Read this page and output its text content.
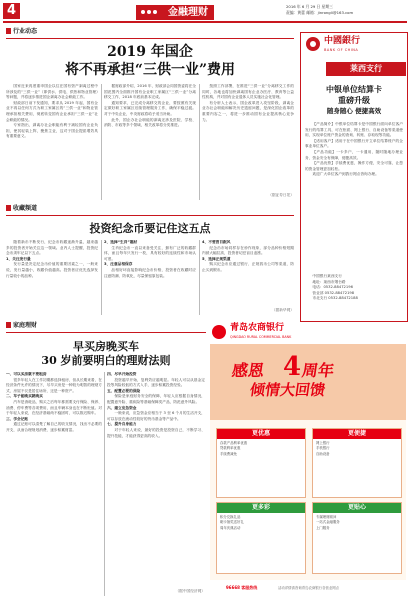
4	金融理财
2016 年 6 月 29 日 星期三
责编：黄蕾 邮箱：jinrongli@163.com
行业动态
2019 年国企
将不再承担“三供一业”费用

国家近来再度重申国企以往在国有资产剥离过程中所涉及的“三供一业”（即供水、供电、供热和物业管理）等问题，并将逐步推进国企剥离办社会职能工作。

财政部日前下发通知，要求从 2019 年起，国有企业不再以任何方式为职工家属区的“三供一业”和物业管理承担相关费用，彻底转变国有企业承担“三供一业”社会职能的情况。

专家指出，剥离办社会职能有利于减轻国有企业负担，使其轻装上阵，聚焦主业，这对于国企提质增效具有重要意义。

据财政部介绍，2016 年，财政部会同国资委将在全国范围内全面推开国有企业职工家属区“三供一业”分离移交工作，2018 年底前基本完成。

通知要求，已完成分离移交的企业，要按照有关规定做好职工家属区后续管理服务工作，确保平稳过渡。对于中央企业，中央财政将给予适当补助。

此外，国企办社会职能的剥离还涉及医院、学校、消防、市政等多个领域，相关改革将分类推进。

按照工作部署，在推进“三供一业”分离移交工作的同时，各地也将加快剥离国有企业办医疗、教育等公益性机构，并对国有企业退休人员实施社会化管理。

有分析人士表示，国企改革进入攻坚阶段，剥离企业办社会职能和解决历史遗留问题，是深化国企改革的重要内容之一，将进一步推动国有企业提高核心竞争力。

（据证券日报）
中國銀行
BANK OF CHINA
莱西支行
中银单位结算卡
重磅升级
随身随心 便捷高效

【产品简介】中银单位结算卡是中国银行面向单位客户发行的结算工具，可在柜面、网上银行、自助设备等渠道使用，实现单位账户资金的查询、转账、存取现等功能。

【适用客户】适用于在中国银行开立单位结算账户的企事业单位客户。

【产品功能】一卡多户，一卡通用，随时随地办理业务，资金安全有保障，便捷高效。

【产品优势】手续费优惠，操作方便，安全可靠，让您的资金管理更加轻松。

欢迎广大单位客户到我行网点咨询办理。

中国银行莱西支行

地址：莱西市烟台路

电话：0532-88472196

营业部 0532-88472198

市北支行 0532-88472188

收藏频道
投资纪念币要记住这五点

随着新币不断发行，纪念币收藏逐渐升温，越来越多的投资者开始关注这一领域。业内人士提醒，投资纪念币须牢记以下五点。

1．关注发行量

发行量是决定纪念币价值的重要因素之一，一般来说，发行量越小，收藏价值越高。投资者应优先选择发行量较小的品种。

2．选择“生肖”题材

生肖纪念币一直以来备受关注，拥有广泛的收藏群体，而且每年只发行一枚，具有较好的连续性和市场认可度。

3．注意品相保存

品相好坏直接影响纪念币价格，投资者在收藏时应注意防潮、防氧化，尽量保留原包装。

4．不要盲目跟风

纪念币市场同样存在炒作现象，部分品种价格短期内被大幅拉高，投资者切忌盲目追涨。

5．选择正规渠道

购买纪念币应通过银行、正规钱币公司等渠道，防止买到假币。

（据新华网）
家庭理财
早买房晚买车
30 岁前要明白的理财法则

一、可以买房就不要租房

很多年轻人在工作初期都选择租房，但从长期来看，在经济条件允许的情况下，尽早买房是一种较为明智的理财方式，房屋不仅是居住场所，还是一种资产。

二、车子能晚买就晚买

汽车是消耗品，购买之后每年都需要支付保险、保养、油费、停车费等各项费用，而且车辆本身也在不断贬值。对于年轻人来说，在经济基础尚不稳固时，可以推迟购车。

三、学会记账

通过记账可以清楚了解自己的收支情况，找出不必要的开支，从而合理规划消费，逐步积累财富。

四、尽早开始投资

投资越早开始，复利效应越明显。年轻人可以从基金定投等风险较低的方式入手，逐步积累投资经验。

五、配置必要的保险

保险是家庭财务安全的保障，年轻人应根据自身情况，配置意外险、重疾险等基础保障类产品，防范意外风险。

六、建立应急资金

一般来说，应急资金应相当于 3 至 6 个月的生活开支，可以存放在流动性较好的货币基金等产品中。

七、提升自身能力

对于年轻人来说，最好的投资是投资自己，不断学习、提升技能，才能获得更高的收入。

（据中国经济网）
青岛农商银行
QINGDAO RURAL COMMERCIAL BANK
感恩 4 周年
倾情大回馈
更优惠
存款产品利率优惠
贷款利率优惠
手续费减免
更便捷
网上银行
手机银行
自助设备
更多彩
积分兑换礼品
刷卡抽奖送好礼
周年庆典活动
更贴心
专属理财顾问
一站式金融服务
上门服务
96668 客服热线	活动详情请咨询青岛农商银行各营业网点
